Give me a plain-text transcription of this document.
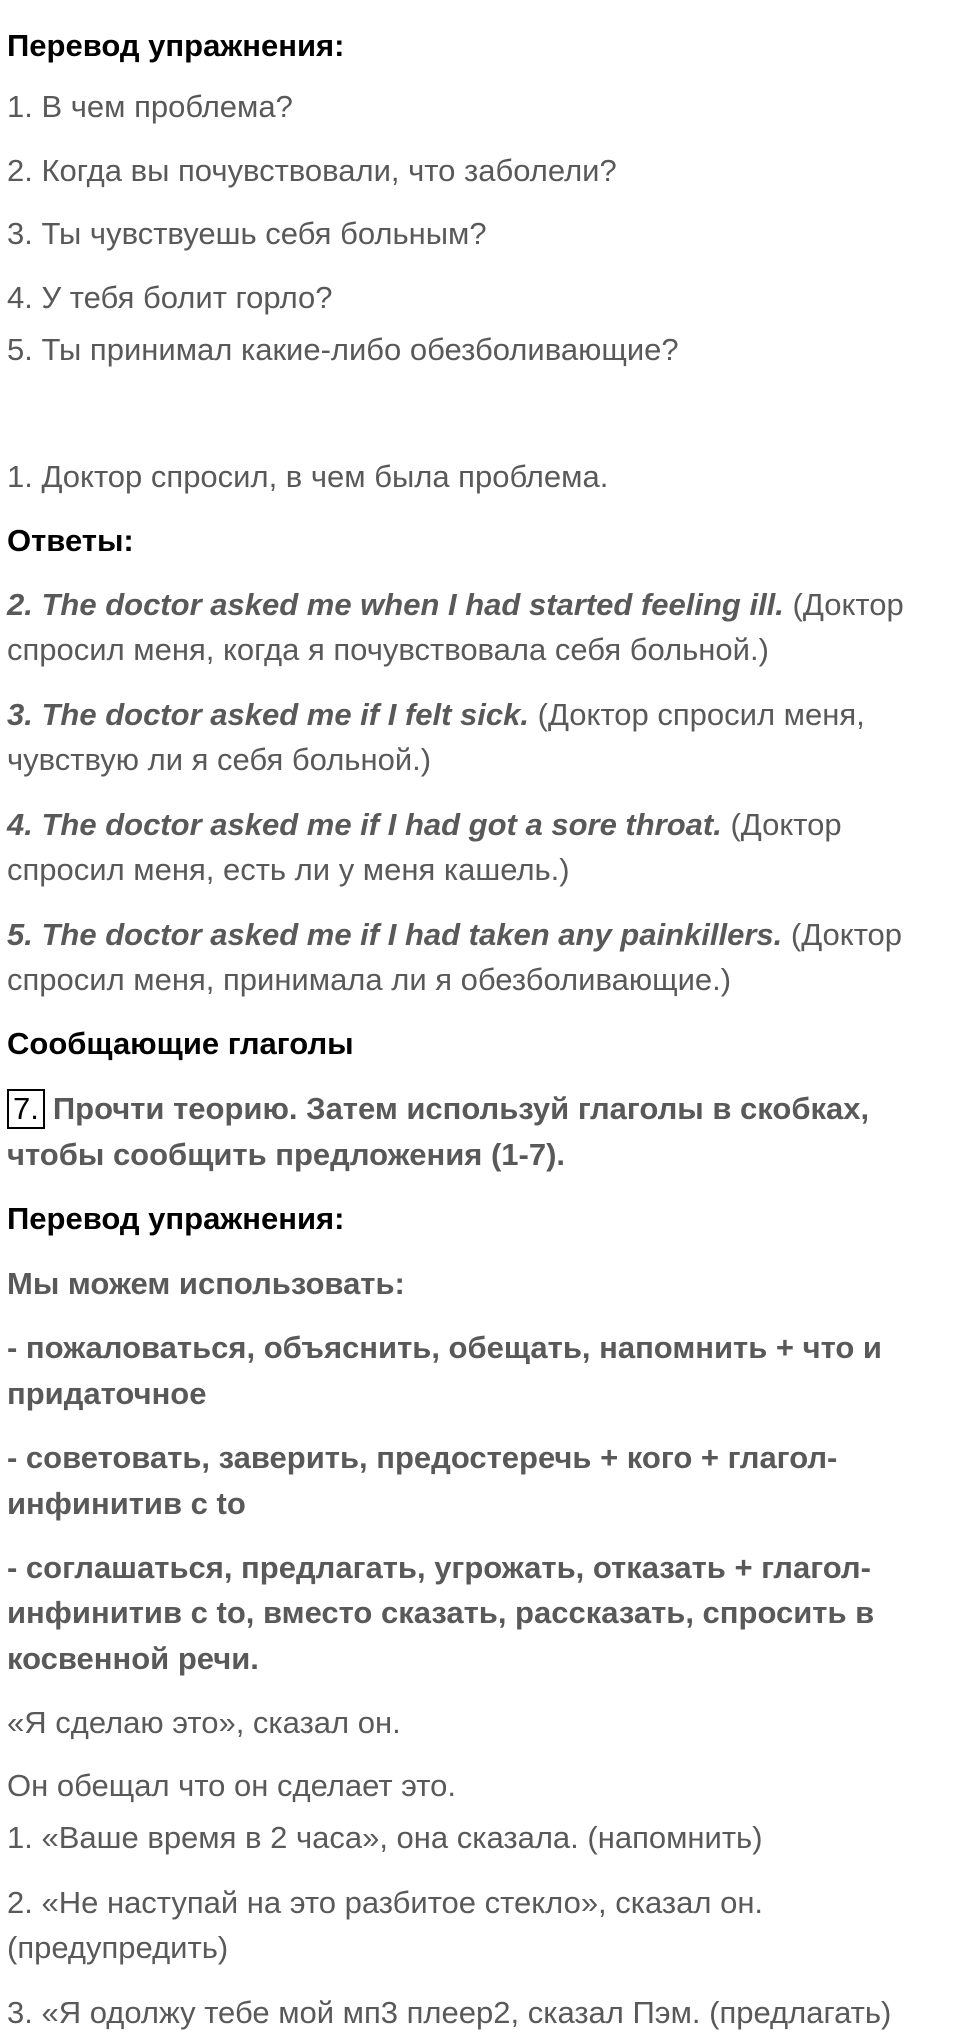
Перевод упражнения:
1. В чем проблема?
2. Когда вы почувствовали, что заболели?
3. Ты чувствуешь себя больным?
4. У тебя болит горло?
5. Ты принимал какие-либо обезболивающие?
1. Доктор спросил, в чем была проблема.
Ответы:
2. The doctor asked me when I had started feeling ill. (Доктор
спросил меня, когда я почувствовала себя больной.)
3. The doctor asked me if I felt sick. (Доктор спросил меня,
чувствую ли я себя больной.)
4. The doctor asked me if I had got a sore throat. (Доктор
спросил меня, есть ли у меня кашель.)
5. The doctor asked me if I had taken any painkillers. (Доктор
спросил меня, принимала ли я обезболивающие.)
Сообщающие глаголы
7. Прочти теорию. Затем используй глаголы в скобках,
чтобы сообщить предложения (1-7).
Перевод упражнения:
Мы можем использовать:
- пожаловаться, объяснить, обещать, напомнить + что и
придаточное
- советовать, заверить, предостеречь + кого + глагол-
инфинитив с to
- соглашаться, предлагать, угрожать, отказать + глагол-
инфинитив с to, вместо сказать, рассказать, спросить в
косвенной речи.
«Я сделаю это», сказал он.
Он обещал что он сделает это.
1. «Ваше время в 2 часа», она сказала. (напомнить)
2. «Не наступай на это разбитое стекло», сказал он.
(предупредить)
3. «Я одолжу тебе мой мп3 плеер2, сказал Пэм. (предлагать)
